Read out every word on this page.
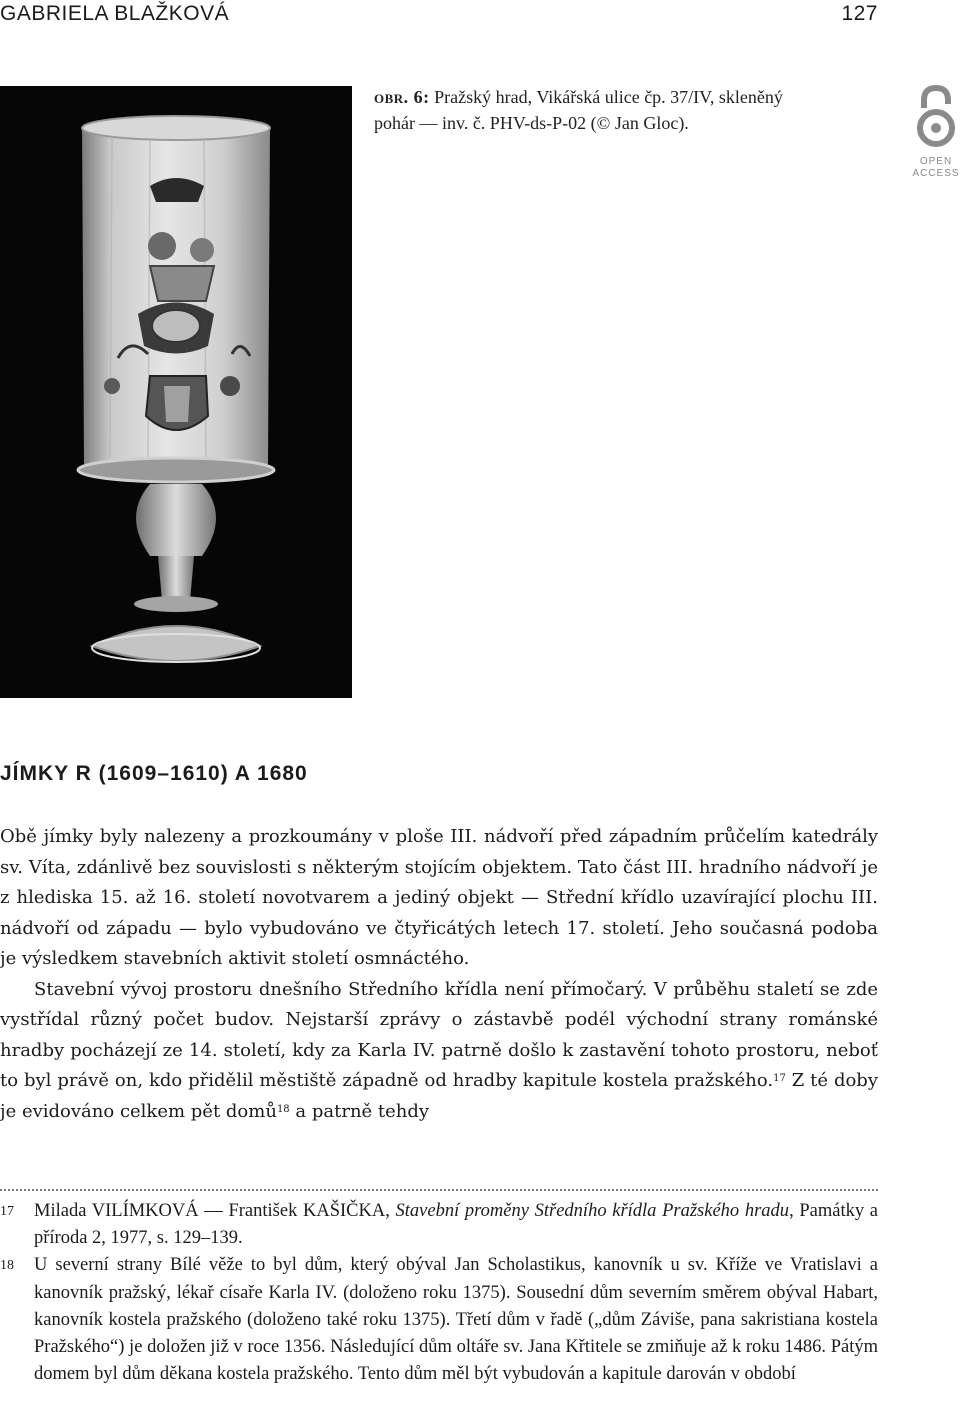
GABRIELA BLAŽKOVÁ	127
obr. 6: Pražský hrad, Vikářská ulice čp. 37/IV, skleněný pohár — inv. č. PHV-ds-P-02 (© Jan Gloc).
OPEN
ACCESS
JÍMKY R (1609–1610) A 1680

Obě jímky byly nalezeny a prozkoumány v ploše III. nádvoří před západním průčelím katedrály sv. Víta, zdánlivě bez souvislosti s některým stojícím objektem. Tato část III. hradního nádvoří je z hlediska 15. až 16. století novotvarem a jediný objekt — Střední křídlo uzavírající plochu III. nádvoří od západu — bylo vybudováno ve čtyřicátých letech 17. století. Jeho současná podoba je výsledkem stavebních aktivit století osmnáctého.

Stavební vývoj prostoru dnešního Středního křídla není přímočarý. V průběhu staletí se zde vystřídal různý počet budov. Nejstarší zprávy o zástavbě podél východní strany románské hradby pocházejí ze 14. století, kdy za Karla IV. patrně došlo k zastavění tohoto prostoru, neboť to byl právě on, kdo přidělil městiště západně od hradby kapitule kostela pražského.$^{17}$ Z té doby je evidováno celkem pět domů$^{18}$ a patrně tehdy

17 Milada VILÍMKOVÁ — František KAŠIČKA, Stavební proměny Středního křídla Pražského hradu, Památky a příroda 2, 1977, s. 129–139.
18 U severní strany Bílé věže to byl dům, který obýval Jan Scholastikus, kanovník u sv. Kříže ve Vratislavi a kanovník pražský, lékař císaře Karla IV. (doloženo roku 1375). Sousední dům severním směrem obýval Habart, kanovník kostela pražského (doloženo také roku 1375). Třetí dům v řadě („dům Záviše, pana sakristiana kostela Pražského“) je doložen již v roce 1356. Následující dům oltáře sv. Jana Křtitele se zmiňuje až k roku 1486. Pátým domem byl dům děkana kostela pražského. Tento dům měl být vybudován a kapitule darován v období
